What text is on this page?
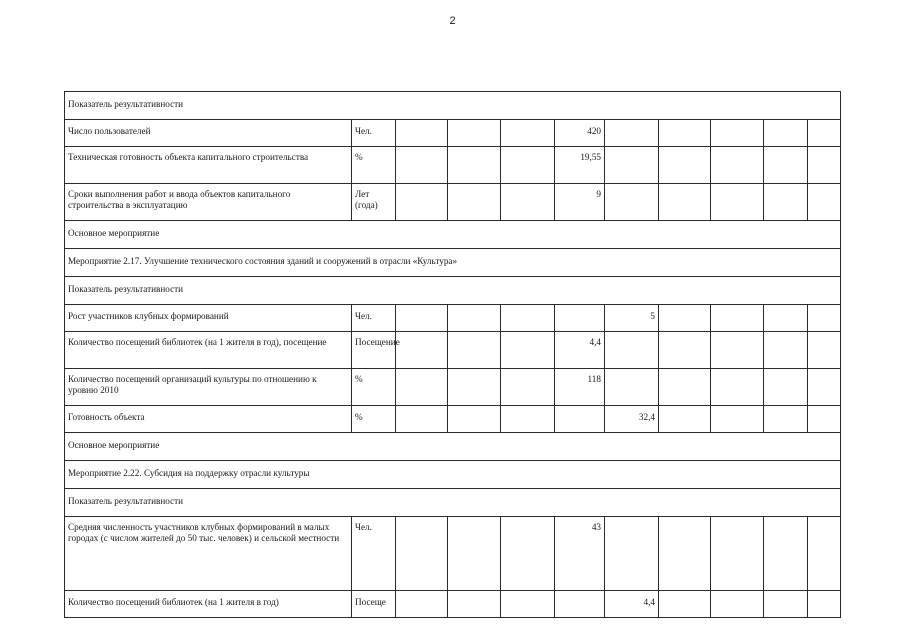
2
Показатель результативности										
Число пользователей	Чел.				420					
Техническая готовность объекта капитального строительства	%				19,55					
Сроки выполнения работ и ввода объектов капитального строительства в эксплуатацию	Лет (года)				9					
Основное мероприятие										
Мероприятие 2.17. Улучшение технического состояния зданий и сооружений в отрасли «Культура»										
Показатель результативности										
Рост участников клубных формирований	Чел.					5				
Количество посещений библиотек (на 1 жителя в год), посещение	Посещение				4,4					
Количество посещений организаций культуры по отношению к уровню 2010	%				118					
Готовность объекта	%					32,4				
Основное мероприятие										
Мероприятие 2.22. Субсидия на поддержку отрасли культуры										
Показатель результативности										
Средняя численность участников клубных формирований в малых городах (с числом жителей до 50 тыс. человек) и сельской местности	Чел.				43					
Количество посещений библиотек (на 1 жителя в год)	Посеще					4,4				
